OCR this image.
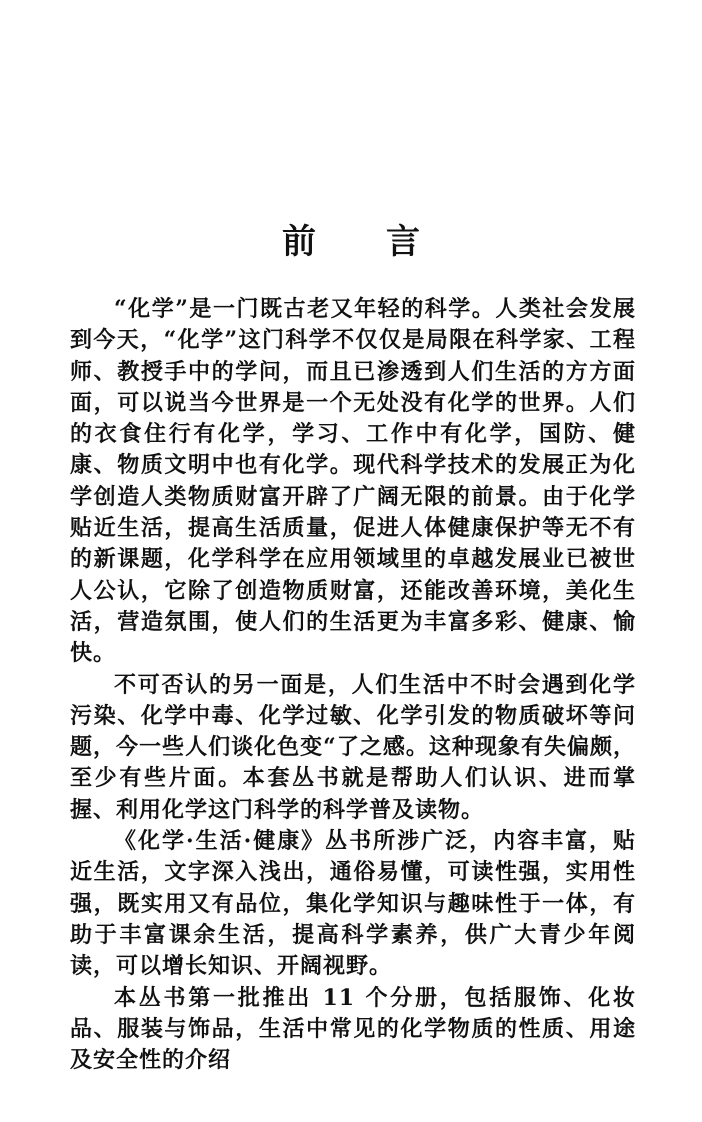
前 言

“化学”是一门既古老又年轻的科学。人类社会发展到今天，“化学”这门科学不仅仅是局限在科学家、工程师、教授手中的学问，而且已渗透到人们生活的方方面面，可以说当今世界是一个无处没有化学的世界。人们的衣食住行有化学，学习、工作中有化学，国防、健康、物质文明中也有化学。现代科学技术的发展正为化学创造人类物质财富开辟了广阔无限的前景。由于化学贴近生活，提高生活质量，促进人体健康保护等无不有的新课题，化学科学在应用领域里的卓越发展业已被世人公认，它除了创造物质财富，还能改善环境，美化生活，营造氛围，使人们的生活更为丰富多彩、健康、愉快。

不可否认的另一面是，人们生活中不时会遇到化学污染、化学中毒、化学过敏、化学引发的物质破坏等问题，今一些人们谈化色变“了之感。这种现象有失偏颇，至少有些片面。本套丛书就是帮助人们认识、进而掌握、利用化学这门科学的科学普及读物。

《化学·生活·健康》丛书所涉广泛，内容丰富，贴近生活，文字深入浅出，通俗易懂，可读性强，实用性强，既实用又有品位，集化学知识与趣味性于一体，有助于丰富课余生活，提高科学素养，供广大青少年阅读，可以增长知识、开阔视野。

本丛书第一批推出 11 个分册，包括服饰、化妆品、服装与饰品，生活中常见的化学物质的性质、用途及安全性的介绍
